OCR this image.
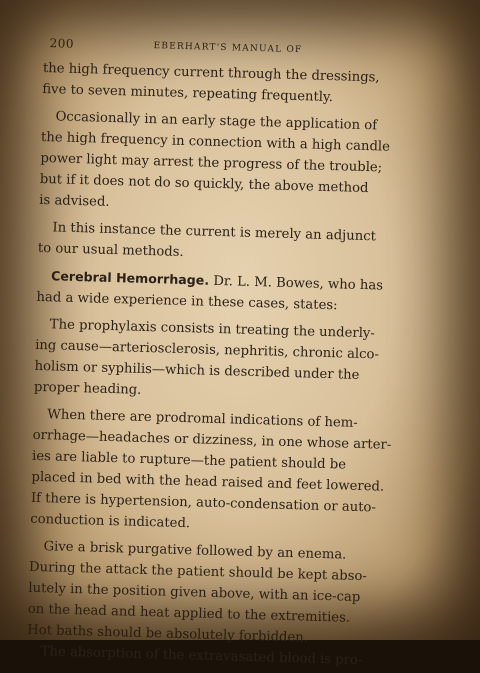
200	EBERHART'S MANUAL OF
the high frequency current through the dressings,
five to seven minutes, repeating frequently.
Occasionally in an early stage the application of
the high frequency in connection with a high candle
power light may arrest the progress of the trouble;
but if it does not do so quickly, the above method
is advised.
In this instance the current is merely an adjunct
to our usual methods.
Cerebral Hemorrhage. Dr. L. M. Bowes, who has
had a wide experience in these cases, states:
The prophylaxis consists in treating the underly-
ing cause—arteriosclerosis, nephritis, chronic alco-
holism or syphilis—which is described under the
proper heading.
When there are prodromal indications of hem-
orrhage—headaches or dizziness, in one whose arter-
ies are liable to rupture—the patient should be
placed in bed with the head raised and feet lowered.
If there is hypertension, auto-condensation or auto-
conduction is indicated.
Give a brisk purgative followed by an enema.
During the attack the patient should be kept abso-
lutely in the position given above, with an ice-cap
on the head and heat applied to the extremities.
Hot baths should be absolutely forbidden.
The absorption of the extravasated blood is pro-
